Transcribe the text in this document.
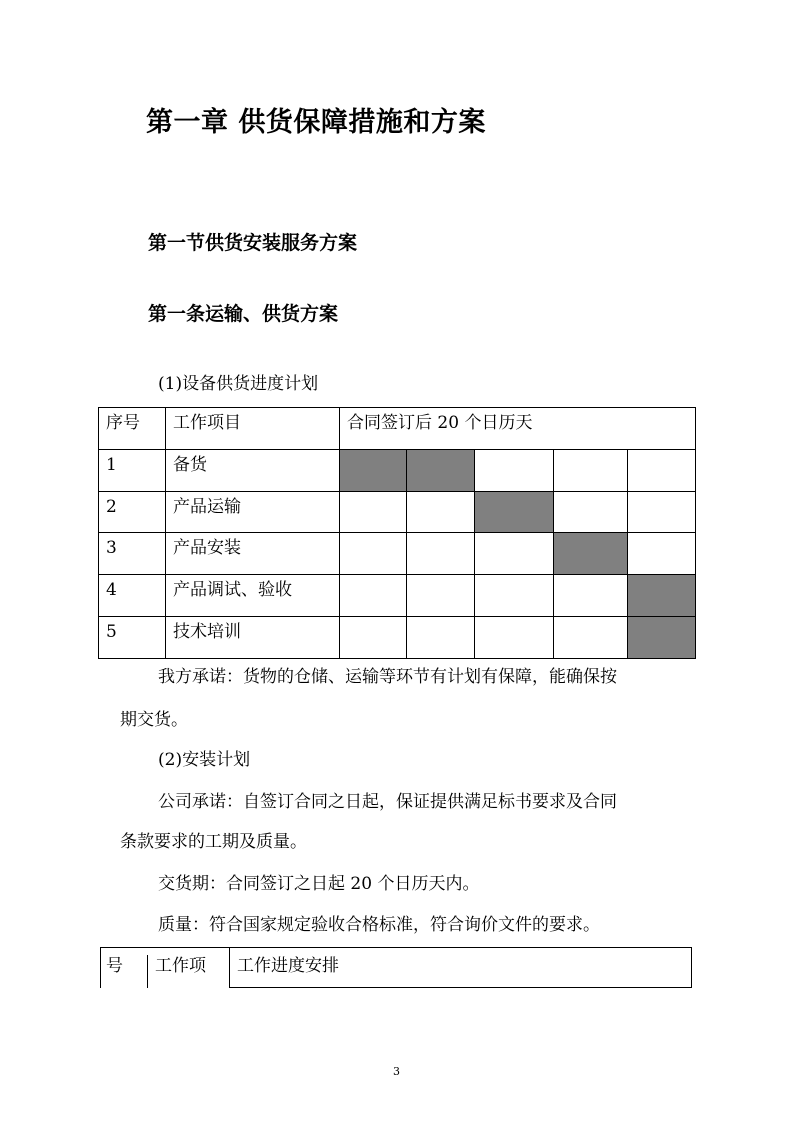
第一章 供货保障措施和方案
第一节供货安装服务方案
第一条运输、供货方案
(1)设备供货进度计划
序号	工作项目	合同签订后 20 个日历天				
1	备货					
2	产品运输					
3	产品安装					
4	产品调试、验收					
5	技术培训					
我方承诺：货物的仓储、运输等环节有计划有保障，能确保按
期交货。
(2)安装计划
公司承诺：自签订合同之日起，保证提供满足标书要求及合同
条款要求的工期及质量。
交货期：合同签订之日起 20 个日历天内。
质量：符合国家规定验收合格标准，符合询价文件的要求。
号 工作项 工作进度安排
3
